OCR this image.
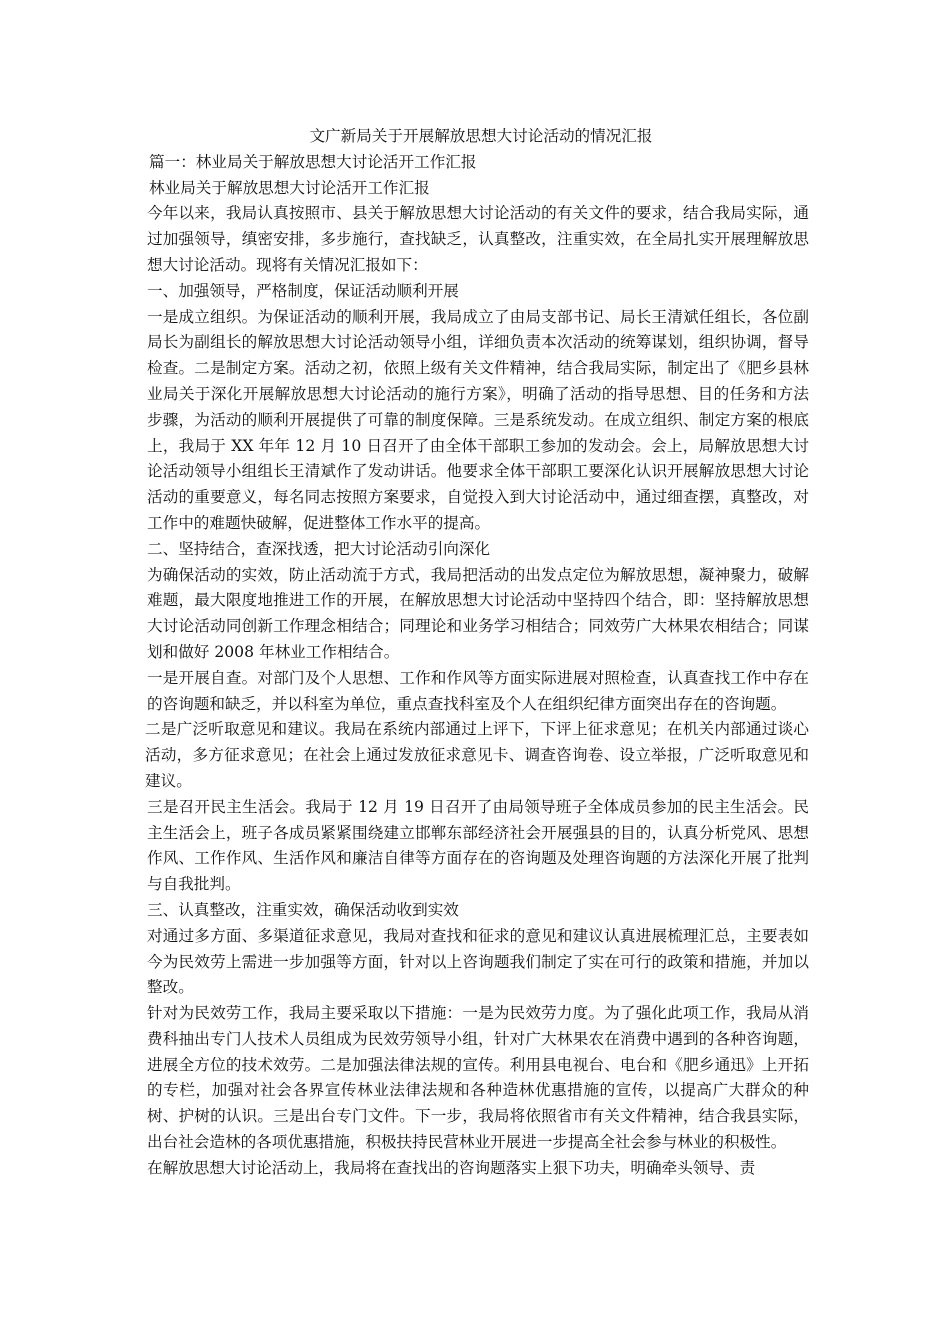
文广新局关于开展解放思想大讨论活动的情况汇报

篇一：林业局关于解放思想大讨论活开工作汇报

林业局关于解放思想大讨论活开工作汇报

今年以来，我局认真按照市、县关于解放思想大讨论活动的有关文件的要求，结合我局实际，通过加强领导，缜密安排，多步施行，查找缺乏，认真整改，注重实效，在全局扎实开展理解放思想大讨论活动。现将有关情况汇报如下：

一、加强领导，严格制度，保证活动顺利开展

一是成立组织。为保证活动的顺利开展，我局成立了由局支部书记、局长王清斌任组长，各位副局长为副组长的解放思想大讨论活动领导小组，详细负责本次活动的统筹谋划，组织协调，督导检查。二是制定方案。活动之初，依照上级有关文件精神，结合我局实际，制定出了《肥乡县林业局关于深化开展解放思想大讨论活动的施行方案》，明确了活动的指导思想、目的任务和方法步骤，为活动的顺利开展提供了可靠的制度保障。三是系统发动。在成立组织、制定方案的根底上，我局于 XX 年年 12 月 10 日召开了由全体干部职工参加的发动会。会上，局解放思想大讨论活动领导小组组长王清斌作了发动讲话。他要求全体干部职工要深化认识开展解放思想大讨论活动的重要意义，每名同志按照方案要求，自觉投入到大讨论活动中，通过细查摆，真整改，对工作中的难题快破解，促进整体工作水平的提高。

二、坚持结合，查深找透，把大讨论活动引向深化

为确保活动的实效，防止活动流于方式，我局把活动的出发点定位为解放思想，凝神聚力，破解难题，最大限度地推进工作的开展，在解放思想大讨论活动中坚持四个结合，即：坚持解放思想大讨论活动同创新工作理念相结合；同理论和业务学习相结合；同效劳广大林果农相结合；同谋划和做好 2008 年林业工作相结合。

一是开展自查。对部门及个人思想、工作和作风等方面实际进展对照检查，认真查找工作中存在的咨询题和缺乏，并以科室为单位，重点查找科室及个人在组织纪律方面突出存在的咨询题。

二是广泛听取意见和建议。我局在系统内部通过上评下，下评上征求意见；在机关内部通过谈心活动，多方征求意见；在社会上通过发放征求意见卡、调查咨询卷、设立举报，广泛听取意见和建议。

三是召开民主生活会。我局于 12 月 19 日召开了由局领导班子全体成员参加的民主生活会。民主生活会上，班子各成员紧紧围绕建立邯郸东部经济社会开展强县的目的，认真分析党风、思想作风、工作作风、生活作风和廉洁自律等方面存在的咨询题及处理咨询题的方法深化开展了批判与自我批判。

三、认真整改，注重实效，确保活动收到实效

对通过多方面、多渠道征求意见，我局对查找和征求的意见和建议认真进展梳理汇总，主要表如今为民效劳上需进一步加强等方面，针对以上咨询题我们制定了实在可行的政策和措施，并加以整改。

针对为民效劳工作，我局主要采取以下措施：一是为民效劳力度。为了强化此项工作，我局从消费科抽出专门人技术人员组成为民效劳领导小组，针对广大林果农在消费中遇到的各种咨询题，进展全方位的技术效劳。二是加强法律法规的宣传。利用县电视台、电台和《肥乡通迅》上开拓的专栏，加强对社会各界宣传林业法律法规和各种造林优惠措施的宣传，以提高广大群众的种树、护树的认识。三是出台专门文件。下一步，我局将依照省市有关文件精神，结合我县实际，出台社会造林的各项优惠措施，积极扶持民营林业开展进一步提高全社会参与林业的积极性。

在解放思想大讨论活动上，我局将在查找出的咨询题落实上狠下功夫，明确牵头领导、责
